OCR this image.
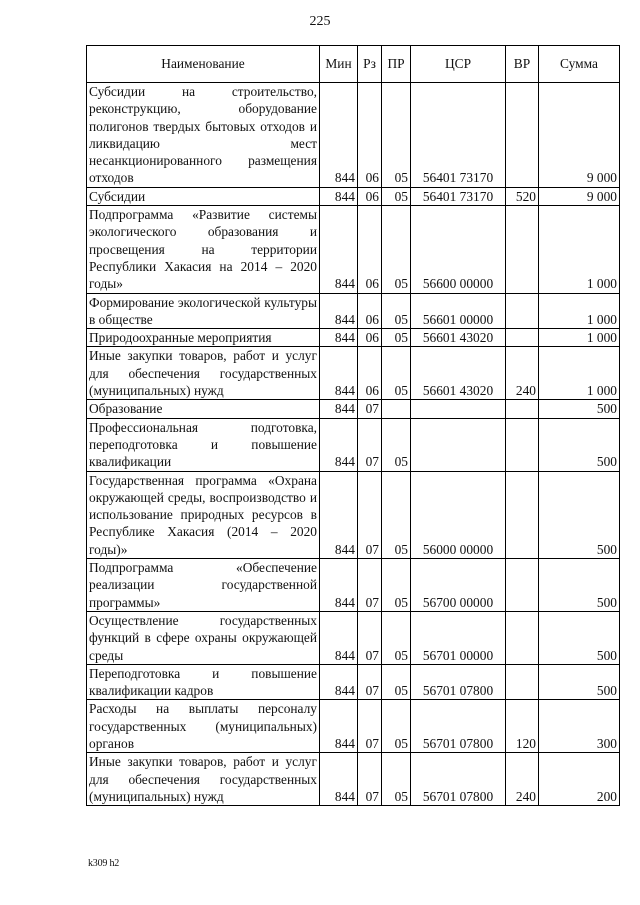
225
Наименование	Мин	Рз	ПР	ЦСР	ВР	Сумма
Субсидии на строительство, реконструкцию, оборудование полигонов твердых бытовых отходов и ликвидацию мест несанкционированного размещения отходов	844	06	05	56401 73170		9 000
Субсидии	844	06	05	56401 73170	520	9 000
Подпрограмма «Развитие системы экологического образования и просвещения на территории Республики Хакасия на 2014 – 2020 годы»	844	06	05	56600 00000		1 000
Формирование экологической культуры в обществе	844	06	05	56601 00000		1 000
Природоохранные мероприятия	844	06	05	56601 43020		1 000
Иные закупки товаров, работ и услуг для обеспечения государственных (муниципальных) нужд	844	06	05	56601 43020	240	1 000
Образование	844	07				500
Профессиональная подготовка, переподготовка и повышение квалификации	844	07	05			500
Государственная программа «Охрана окружающей среды, воспроизводство и использование природных ресурсов в Республике Хакасия (2014 – 2020 годы)»	844	07	05	56000 00000		500
Подпрограмма «Обеспечение реализации государственной программы»	844	07	05	56700 00000		500
Осуществление государственных функций в сфере охраны окружающей среды	844	07	05	56701 00000		500
Переподготовка и повышение квалификации кадров	844	07	05	56701 07800		500
Расходы на выплаты персоналу государственных (муниципальных) органов	844	07	05	56701 07800	120	300
Иные закупки товаров, работ и услуг для обеспечения государственных (муниципальных) нужд	844	07	05	56701 07800	240	200
k309 h2
